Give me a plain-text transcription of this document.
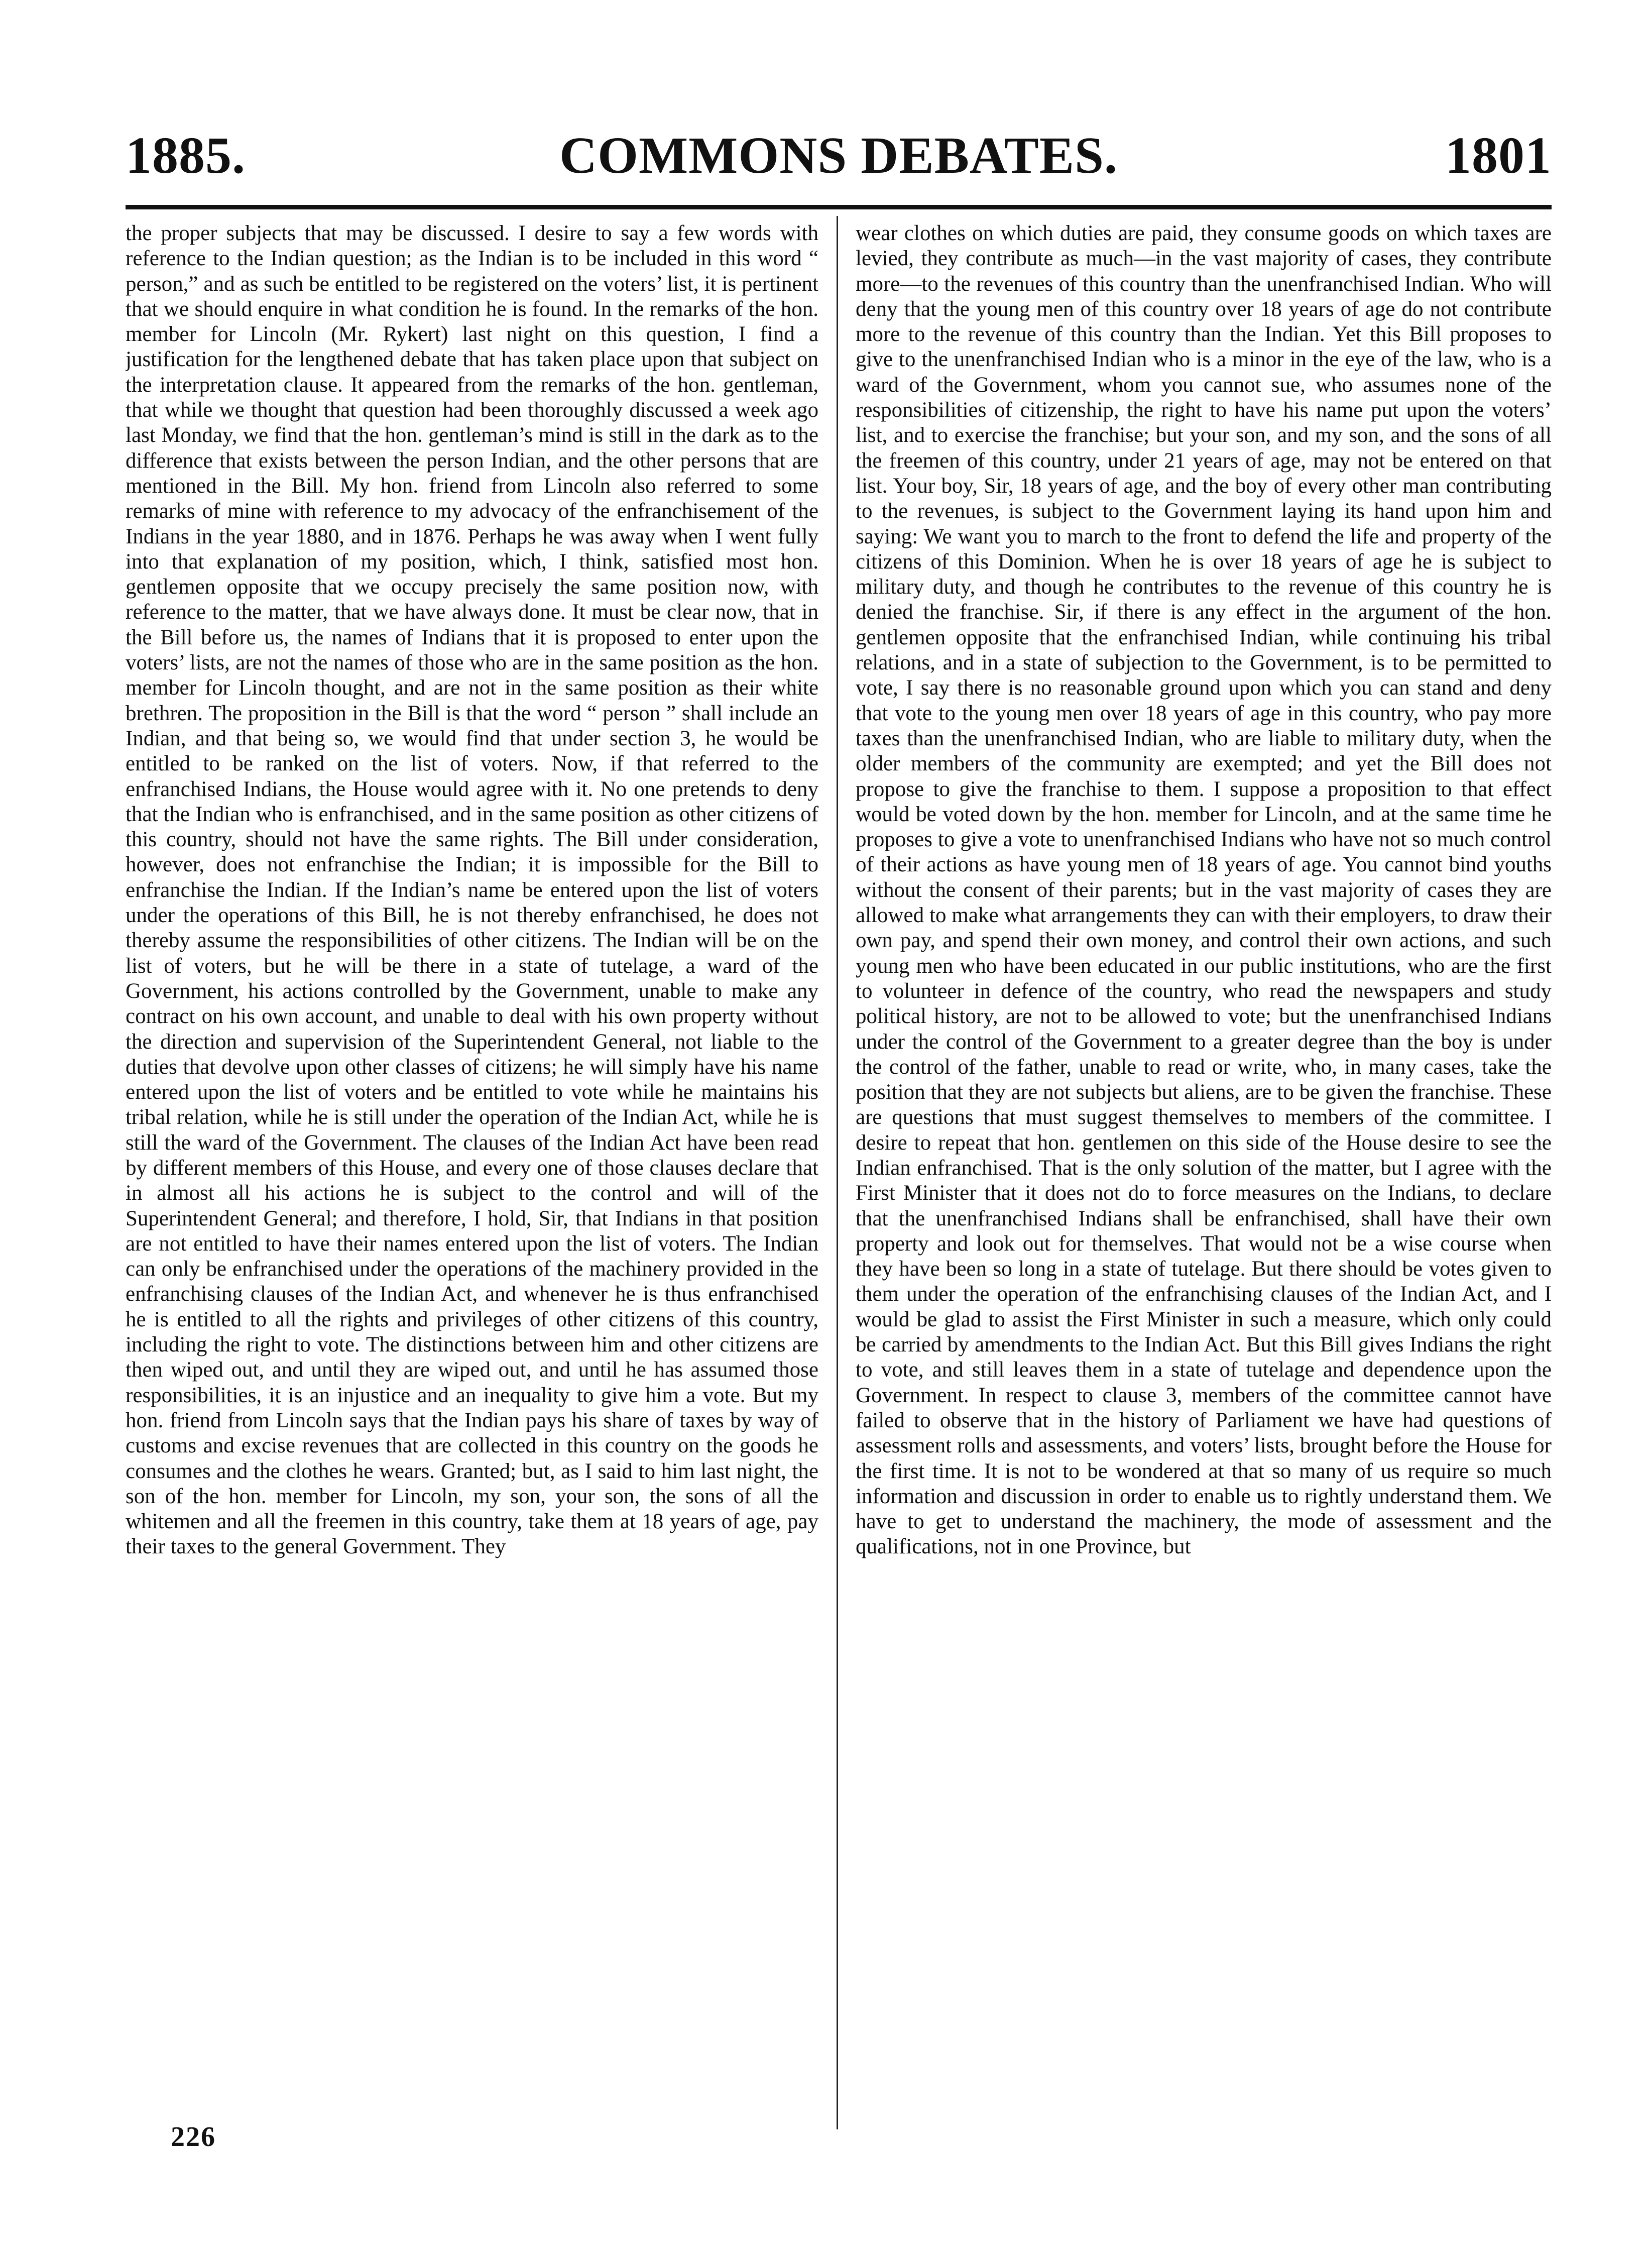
1885.	COMMONS DEBATES.	1801

the proper subjects that may be discussed. I desire to say a few words with reference to the Indian question; as the Indian is to be included in this word “ person,” and as such be entitled to be registered on the voters’ list, it is pertinent that we should enquire in what condition he is found. In the remarks of the hon. member for Lincoln (Mr. Rykert) last night on this question, I find a justification for the lengthened debate that has taken place upon that subject on the interpretation clause. It appeared from the remarks of the hon. gentleman, that while we thought that question had been thoroughly discussed a week ago last Monday, we find that the hon. gentleman’s mind is still in the dark as to the difference that exists between the person Indian, and the other persons that are mentioned in the Bill. My hon. friend from Lincoln also referred to some remarks of mine with reference to my advocacy of the enfranchisement of the Indians in the year 1880, and in 1876. Perhaps he was away when I went fully into that explanation of my position, which, I think, satisfied most hon. gentlemen opposite that we occupy precisely the same position now, with reference to the matter, that we have always done. It must be clear now, that in the Bill before us, the names of Indians that it is proposed to enter upon the voters’ lists, are not the names of those who are in the same position as the hon. member for Lincoln thought, and are not in the same position as their white brethren. The proposition in the Bill is that the word “ person ” shall include an Indian, and that being so, we would find that under section 3, he would be entitled to be ranked on the list of voters. Now, if that referred to the enfranchised Indians, the House would agree with it. No one pretends to deny that the Indian who is enfranchised, and in the same position as other citizens of this country, should not have the same rights. The Bill under consideration, however, does not enfranchise the Indian; it is impossible for the Bill to enfranchise the Indian. If the Indian’s name be entered upon the list of voters under the operations of this Bill, he is not thereby enfranchised, he does not thereby assume the responsibilities of other citizens. The Indian will be on the list of voters, but he will be there in a state of tutelage, a ward of the Government, his actions controlled by the Government, unable to make any contract on his own account, and unable to deal with his own property without the direction and supervision of the Superintendent General, not liable to the duties that devolve upon other classes of citizens; he will simply have his name entered upon the list of voters and be entitled to vote while he maintains his tribal relation, while he is still under the operation of the Indian Act, while he is still the ward of the Government. The clauses of the Indian Act have been read by different members of this House, and every one of those clauses declare that in almost all his actions he is subject to the control and will of the Superintendent General; and therefore, I hold, Sir, that Indians in that position are not entitled to have their names entered upon the list of voters. The Indian can only be enfranchised under the operations of the machinery provided in the enfranchising clauses of the Indian Act, and whenever he is thus enfranchised he is entitled to all the rights and privileges of other citizens of this country, including the right to vote. The distinctions between him and other citizens are then wiped out, and until they are wiped out, and until he has assumed those responsibilities, it is an injustice and an inequality to give him a vote. But my hon. friend from Lincoln says that the Indian pays his share of taxes by way of customs and excise revenues that are collected in this country on the goods he consumes and the clothes he wears. Granted; but, as I said to him last night, the son of the hon. member for Lincoln, my son, your son, the sons of all the whitemen and all the freemen in this country, take them at 18 years of age, pay their taxes to the general Government. They

wear clothes on which duties are paid, they consume goods on which taxes are levied, they contribute as much—in the vast majority of cases, they contribute more—to the revenues of this country than the unenfranchised Indian. Who will deny that the young men of this country over 18 years of age do not contribute more to the revenue of this country than the Indian. Yet this Bill proposes to give to the unenfranchised Indian who is a minor in the eye of the law, who is a ward of the Government, whom you cannot sue, who assumes none of the responsibilities of citizenship, the right to have his name put upon the voters’ list, and to exercise the franchise; but your son, and my son, and the sons of all the freemen of this country, under 21 years of age, may not be entered on that list. Your boy, Sir, 18 years of age, and the boy of every other man contributing to the revenues, is subject to the Government laying its hand upon him and saying: We want you to march to the front to defend the life and property of the citizens of this Dominion. When he is over 18 years of age he is subject to military duty, and though he contributes to the revenue of this country he is denied the franchise. Sir, if there is any effect in the argument of the hon. gentlemen opposite that the enfranchised Indian, while continuing his tribal relations, and in a state of subjection to the Government, is to be permitted to vote, I say there is no reasonable ground upon which you can stand and deny that vote to the young men over 18 years of age in this country, who pay more taxes than the unenfranchised Indian, who are liable to military duty, when the older members of the community are exempted; and yet the Bill does not propose to give the franchise to them. I suppose a proposition to that effect would be voted down by the hon. member for Lincoln, and at the same time he proposes to give a vote to unenfranchised Indians who have not so much control of their actions as have young men of 18 years of age. You cannot bind youths without the consent of their parents; but in the vast majority of cases they are allowed to make what arrangements they can with their employers, to draw their own pay, and spend their own money, and control their own actions, and such young men who have been educated in our public institutions, who are the first to volunteer in defence of the country, who read the newspapers and study political history, are not to be allowed to vote; but the unenfranchised Indians under the control of the Government to a greater degree than the boy is under the control of the father, unable to read or write, who, in many cases, take the position that they are not subjects but aliens, are to be given the franchise. These are questions that must suggest themselves to members of the committee. I desire to repeat that hon. gentlemen on this side of the House desire to see the Indian enfranchised. That is the only solution of the matter, but I agree with the First Minister that it does not do to force measures on the Indians, to declare that the unenfranchised Indians shall be enfranchised, shall have their own property and look out for themselves. That would not be a wise course when they have been so long in a state of tutelage. But there should be votes given to them under the operation of the enfranchising clauses of the Indian Act, and I would be glad to assist the First Minister in such a measure, which only could be carried by amendments to the Indian Act. But this Bill gives Indians the right to vote, and still leaves them in a state of tutelage and dependence upon the Government. In respect to clause 3, members of the committee cannot have failed to observe that in the history of Parliament we have had questions of assessment rolls and assessments, and voters’ lists, brought before the House for the first time. It is not to be wondered at that so many of us require so much information and discussion in order to enable us to rightly understand them. We have to get to understand the machinery, the mode of assessment and the qualifications, not in one Province, but

226
